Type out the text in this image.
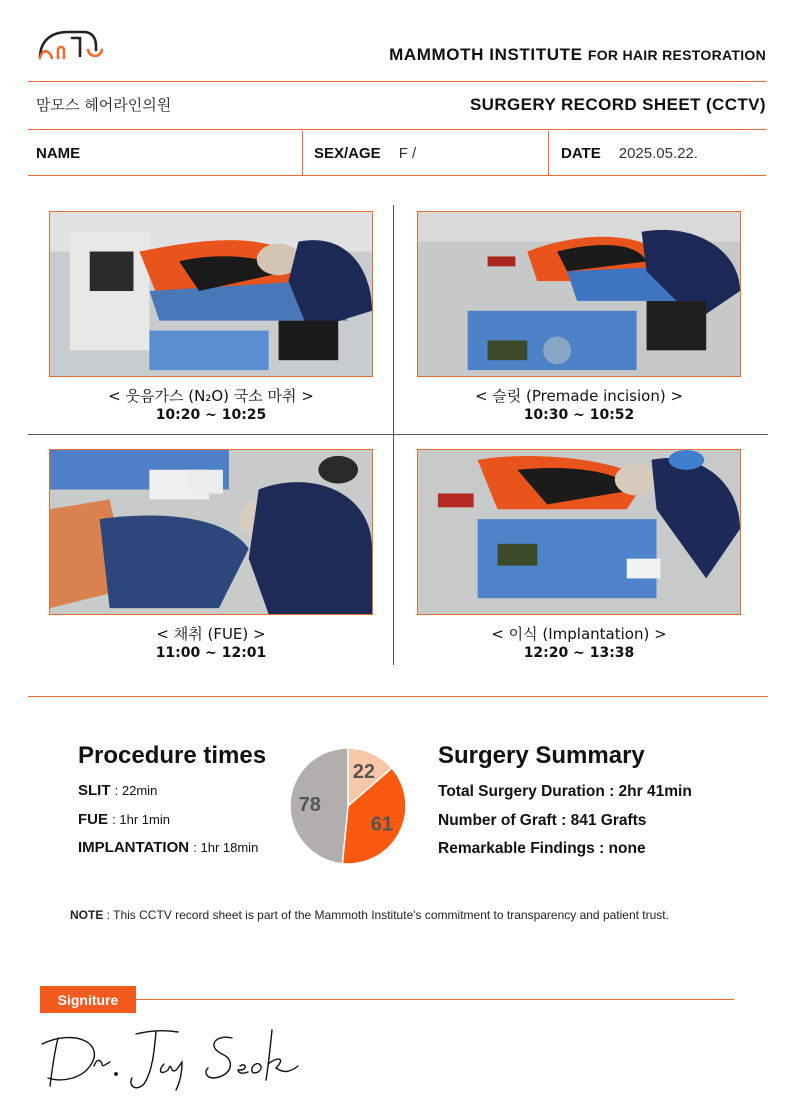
MAMMOTH INSTITUTE FOR HAIR RESTORATION
맘모스 헤어라인의원	SURGERY RECORD SHEET (CCTV)
NAME	SEX/AGE F /	DATE 2025.05.22.
< 웃음가스 (N₂O) 국소 마취 >
10:20 ~ 10:25
< 슬릿 (Premade incision) >
10:30 ~ 10:52
< 채취 (FUE) >
11:00 ~ 12:01
< 이식 (Implantation) >
12:20 ~ 13:38
Procedure times
SLIT : 22min
FUE : 1hr 1min
IMPLANTATION : 1hr 18min
22
61
78
Surgery Summary
Total Surgery Duration : 2hr 41min
Number of Graft : 841 Grafts
Remarkable Findings : none
NOTE : This CCTV record sheet is part of the Mammoth Institute's commitment to transparency and patient trust.
Signiture
